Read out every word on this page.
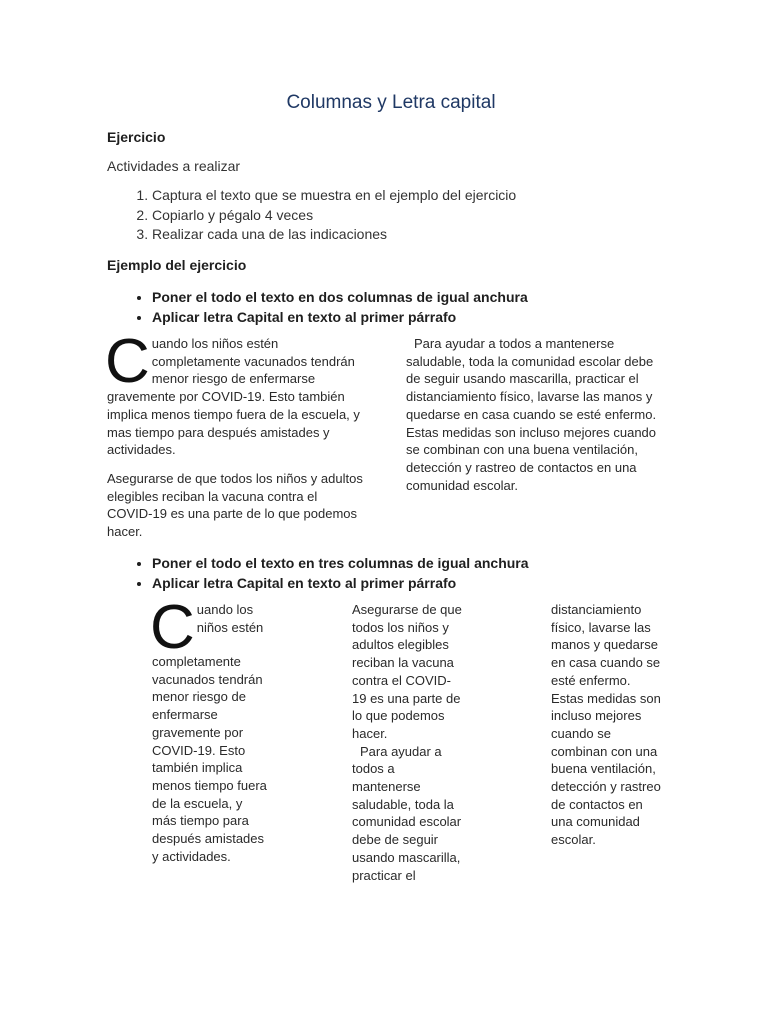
Columnas y Letra capital
Ejercicio
Actividades a realizar
1. Captura el texto que se muestra en el ejemplo del ejercicio
2. Copiarlo y pégalo 4 veces
3. Realizar cada una de las indicaciones
Ejemplo del ejercicio
• Poner el todo el texto en dos columnas de igual anchura
• Aplicar letra Capital en texto al primer párrafo

Cuando los niños estén completamente vacunados tendrán menor riesgo de enfermarse gravemente por COVID-19. Esto también implica menos tiempo fuera de la escuela, y mas tiempo para después amistades y actividades.

Asegurarse de que todos los niños y adultos elegibles reciban la vacuna contra el COVID-19 es una parte de lo que podemos hacer.

Para ayudar a todos a mantenerse saludable, toda la comunidad escolar debe de seguir usando mascarilla, practicar el distanciamiento físico, lavarse las manos y quedarse en casa cuando se esté enfermo. Estas medidas son incluso mejores cuando se combinan con una buena ventilación, detección y rastreo de contactos en una comunidad escolar.

• Poner el todo el texto en tres columnas de igual anchura
• Aplicar letra Capital en texto al primer párrafo

Cuando los niños estén completamente vacunados tendrán menor riesgo de enfermarse gravemente por COVID-19. Esto también implica menos tiempo fuera de la escuela, y más tiempo para después amistades y actividades.

Asegurarse de que todos los niños y adultos elegibles reciban la vacuna contra el COVID-19 es una parte de lo que podemos hacer.

Para ayudar a todos a mantenerse saludable, toda la comunidad escolar debe de seguir usando mascarilla, practicar el

distanciamiento físico, lavarse las manos y quedarse en casa cuando se esté enfermo. Estas medidas son incluso mejores cuando se combinan con una buena ventilación, detección y rastreo de contactos en una comunidad escolar.
